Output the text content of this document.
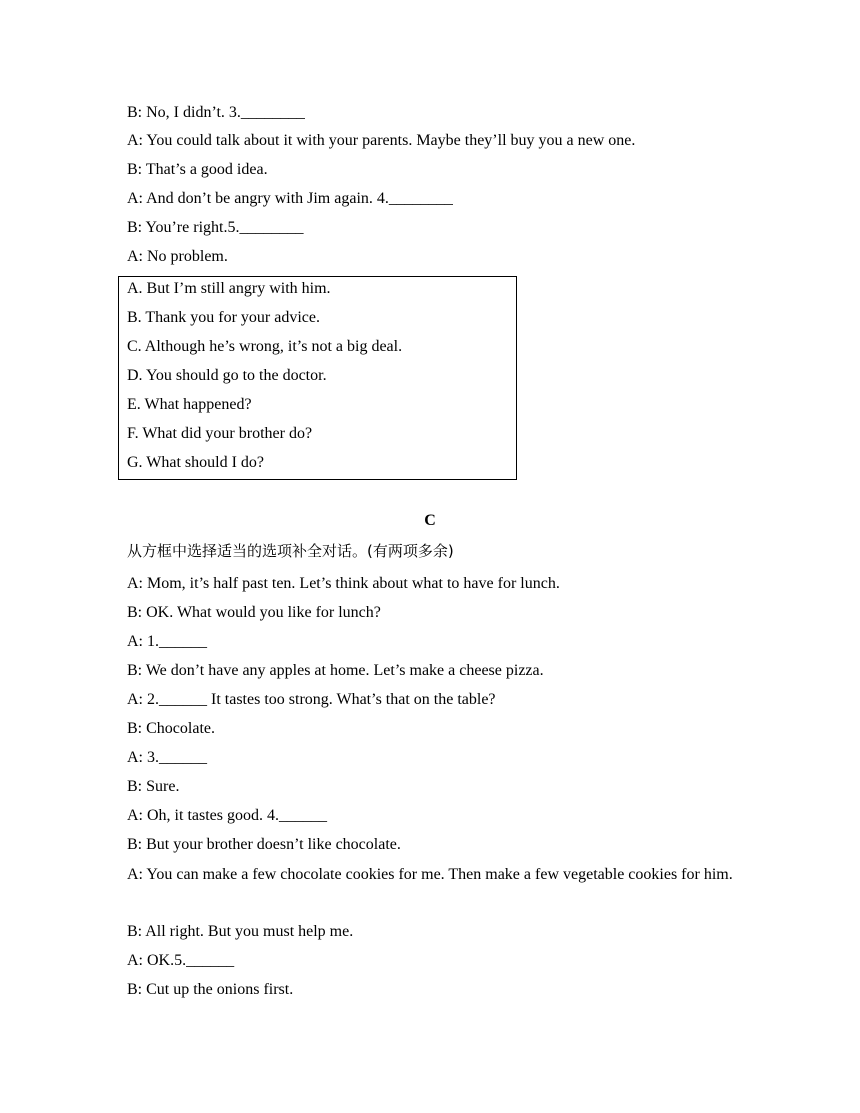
B: No, I didn’t. 3.________
A: You could talk about it with your parents. Maybe they’ll buy you a new one.
B: That’s a good idea.
A: And don’t be angry with Jim again. 4.________
B: You’re right.5.________
A: No problem.
A. But I’m still angry with him.
B. Thank you for your advice.
C. Although he’s wrong, it’s not a big deal.
D. You should go to the doctor.
E. What happened?
F. What did your brother do?
G. What should I do?
C
从方框中选择适当的选项补全对话。(有两项多余)
A: Mom, it’s half past ten. Let’s think about what to have for lunch.
B: OK. What would you like for lunch?
A: 1.______
B: We don’t have any apples at home. Let’s make a cheese pizza.
A: 2.______ It tastes too strong. What’s that on the table?
B: Chocolate.
A: 3.______
B: Sure.
A: Oh, it tastes good. 4.______
B: But your brother doesn’t like chocolate.
A: You can make a few chocolate cookies for me. Then make a few vegetable cookies for him.
B: All right. But you must help me.
A: OK.5.______
B: Cut up the onions first.
